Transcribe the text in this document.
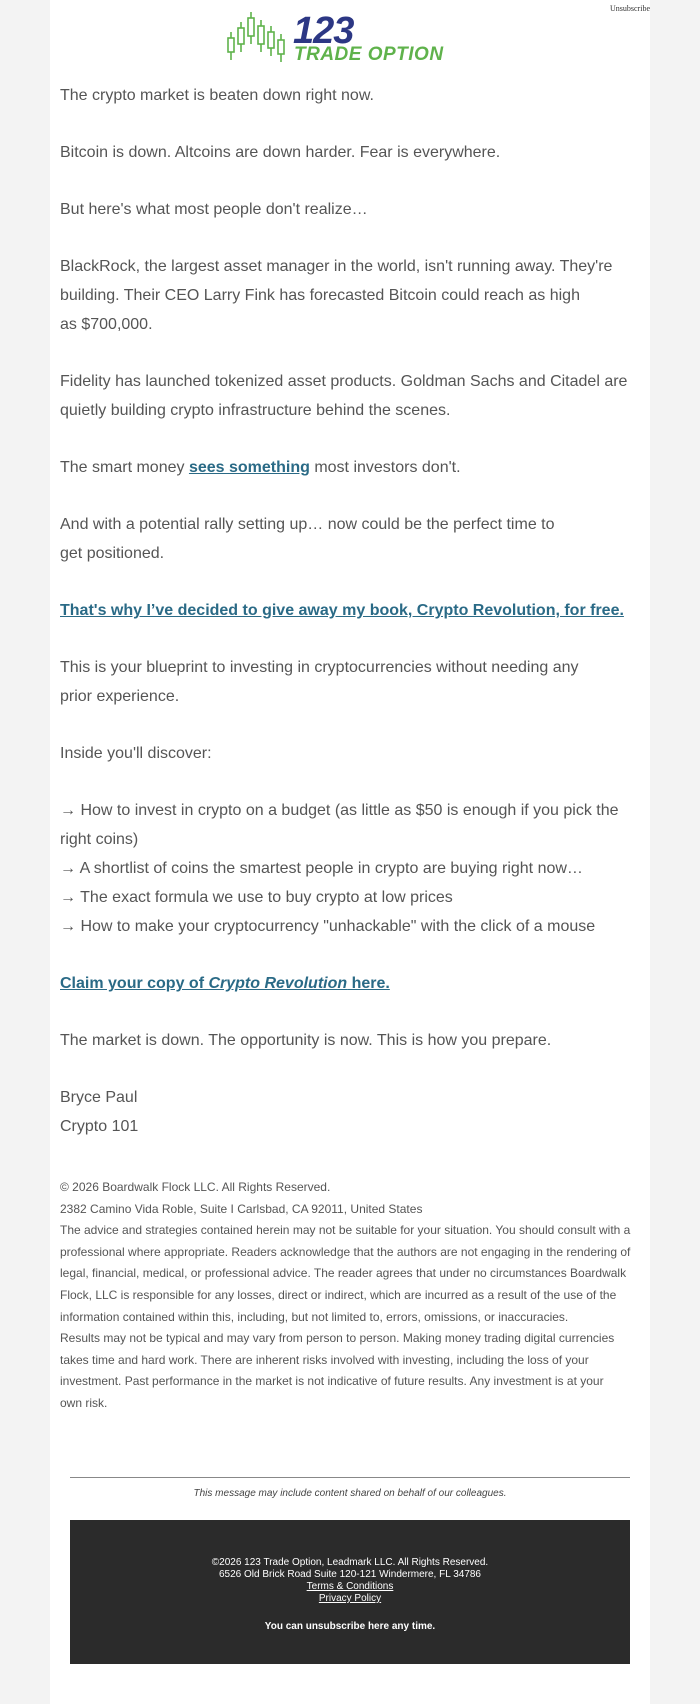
Unsubscribe
123
TRADE OPTION

The crypto market is beaten down right now.

Bitcoin is down. Altcoins are down harder. Fear is everywhere.

But here's what most people don't realize…

BlackRock, the largest asset manager in the world, isn't running away. They're
building. Their CEO Larry Fink has forecasted Bitcoin could reach as high
as $700,000.

Fidelity has launched tokenized asset products. Goldman Sachs and Citadel are
quietly building crypto infrastructure behind the scenes.

The smart money sees something most investors don't.

And with a potential rally setting up… now could be the perfect time to
get positioned.

That's why I’ve decided to give away my book, Crypto Revolution, for free.

This is your blueprint to investing in cryptocurrencies without needing any
prior experience.

Inside you'll discover:

→ How to invest in crypto on a budget (as little as $50 is enough if you pick the
right coins)
→ A shortlist of coins the smartest people in crypto are buying right now…
→ The exact formula we use to buy crypto at low prices
→ How to make your cryptocurrency "unhackable" with the click of a mouse

Claim your copy of Crypto Revolution here.

The market is down. The opportunity is now. This is how you prepare.

Bryce Paul
Crypto 101

© 2026 Boardwalk Flock LLC. All Rights Reserved.
2382 Camino Vida Roble, Suite I Carlsbad, CA 92011, United States
The advice and strategies contained herein may not be suitable for your situation. You should consult with a
professional where appropriate. Readers acknowledge that the authors are not engaging in the rendering of
legal, financial, medical, or professional advice. The reader agrees that under no circumstances Boardwalk
Flock, LLC is responsible for any losses, direct or indirect, which are incurred as a result of the use of the
information contained within this, including, but not limited to, errors, omissions, or inaccuracies.
Results may not be typical and may vary from person to person. Making money trading digital currencies
takes time and hard work. There are inherent risks involved with investing, including the loss of your
investment. Past performance in the market is not indicative of future results. Any investment is at your
own risk.
This message may include content shared on behalf of our colleagues.
©2026 123 Trade Option, Leadmark LLC. All Rights Reserved.
6526 Old Brick Road Suite 120-121 Windermere, FL 34786
Terms & Conditions
Privacy Policy
You can unsubscribe here any time.
